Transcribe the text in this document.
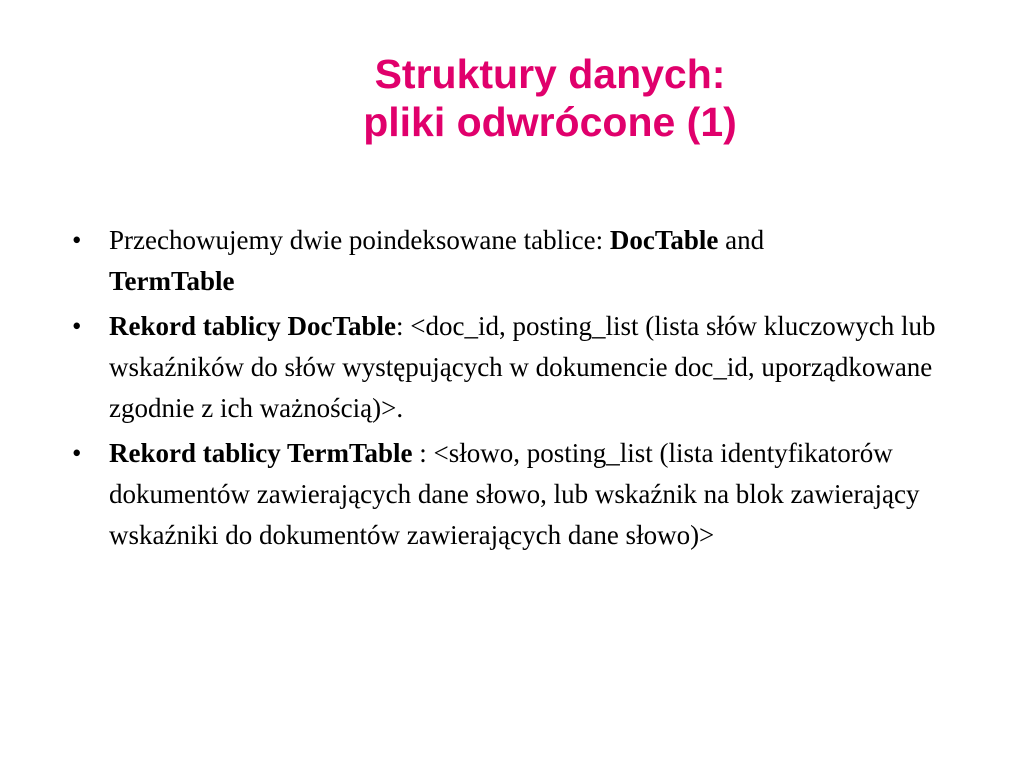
Struktury danych:
pliki odwrócone (1)
• Przechowujemy dwie poindeksowane tablice: DocTable and
TermTable
• Rekord tablicy DocTable: <doc_id, posting_list (lista słów kluczowych lub wskaźników do słów występujących w dokumencie doc_id, uporządkowane zgodnie z ich ważnością)>.
• Rekord tablicy TermTable : <słowo, posting_list (lista identyfikatorów dokumentów zawierających dane słowo, lub wskaźnik na blok zawierający wskaźniki do dokumentów zawierających dane słowo)>
